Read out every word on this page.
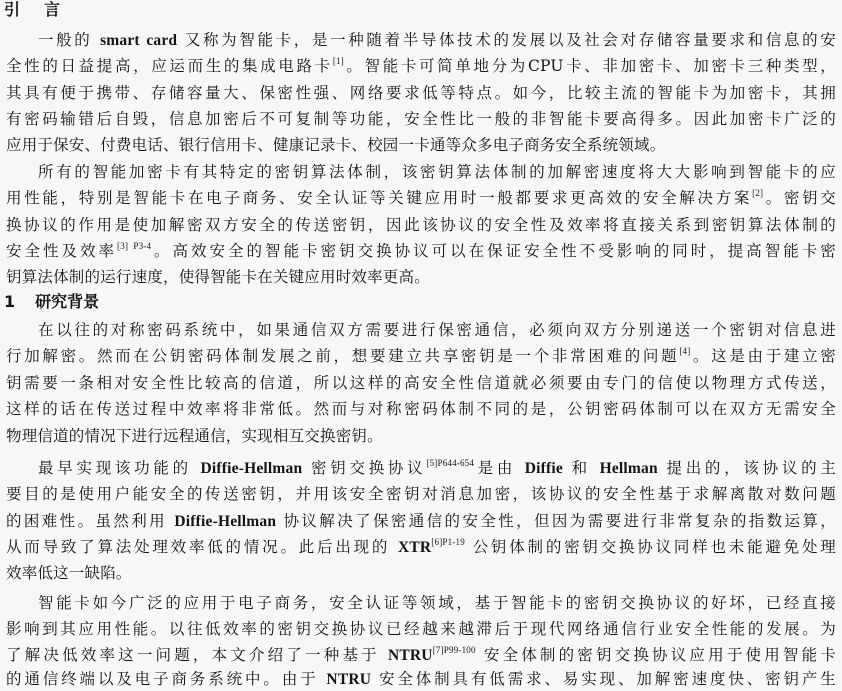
引言
一般的 smart card 又称为智能卡，是一种随着半导体技术的发展以及社会对存储容量要求和信息的安
全性的日益提高，应运而生的集成电路卡[1]。智能卡可简单地分为CPU卡、非加密卡、加密卡三种类型，
其具有便于携带、存储容量大、保密性强、网络要求低等特点。如今，比较主流的智能卡为加密卡，其拥
有密码输错后自毁，信息加密后不可复制等功能，安全性比一般的非智能卡要高得多。因此加密卡广泛的
应用于保安、付费电话、银行信用卡、健康记录卡、校园一卡通等众多电子商务安全系统领域。
所有的智能加密卡有其特定的密钥算法体制，该密钥算法体制的加解密速度将大大影响到智能卡的应
用性能，特别是智能卡在电子商务、安全认证等关键应用时一般都要求更高效的安全解决方案[2]。密钥交
换协议的作用是使加解密双方安全的传送密钥，因此该协议的安全性及效率将直接关系到密钥算法体制的
安全性及效率$^{[3] P3-4}$。高效安全的智能卡密钥交换协议可以在保证安全性不受影响的同时，提高智能卡密
钥算法体制的运行速度，使得智能卡在关键应用时效率更高。
1 研究背景
在以往的对称密码系统中，如果通信双方需要进行保密通信，必须向双方分别递送一个密钥对信息进
行加解密。然而在公钥密码体制发展之前，想要建立共享密钥是一个非常困难的问题[4]。这是由于建立密
钥需要一条相对安全性比较高的信道，所以这样的高安全性信道就必须要由专门的信使以物理方式传送，
这样的话在传送过程中效率将非常低。然而与对称密码体制不同的是，公钥密码体制可以在双方无需安全
物理信道的情况下进行远程通信，实现相互交换密钥。
最早实现该功能的 Diffie-Hellman 密钥交换协议$^{[5]P644-654}$是由 Diffie 和 Hellman 提出的，该协议的主
要目的是使用户能安全的传送密钥，并用该安全密钥对消息加密，该协议的安全性基于求解离散对数问题
的困难性。虽然利用 Diffie-Hellman 协议解决了保密通信的安全性，但因为需要进行非常复杂的指数运算，
从而导致了算法处理效率低的情况。此后出现的 $XTR^{[6]P1-19}$ 公钥体制的密钥交换协议同样也未能避免处理
效率低这一缺陷。
智能卡如今广泛的应用于电子商务，安全认证等领域，基于智能卡的密钥交换协议的好坏，已经直接
影响到其应用性能。以往低效率的密钥交换协议已经越来越滞后于现代网络通信行业安全性能的发展。为
了解决低效率这一问题，本文介绍了一种基于 $NTRU^{[7]P99-100}$ 安全体制的密钥交换协议应用于使用智能卡
的通信终端以及电子商务系统中。由于 NTRU 安全体制具有低需求、易实现、加解密速度快、密钥产生
